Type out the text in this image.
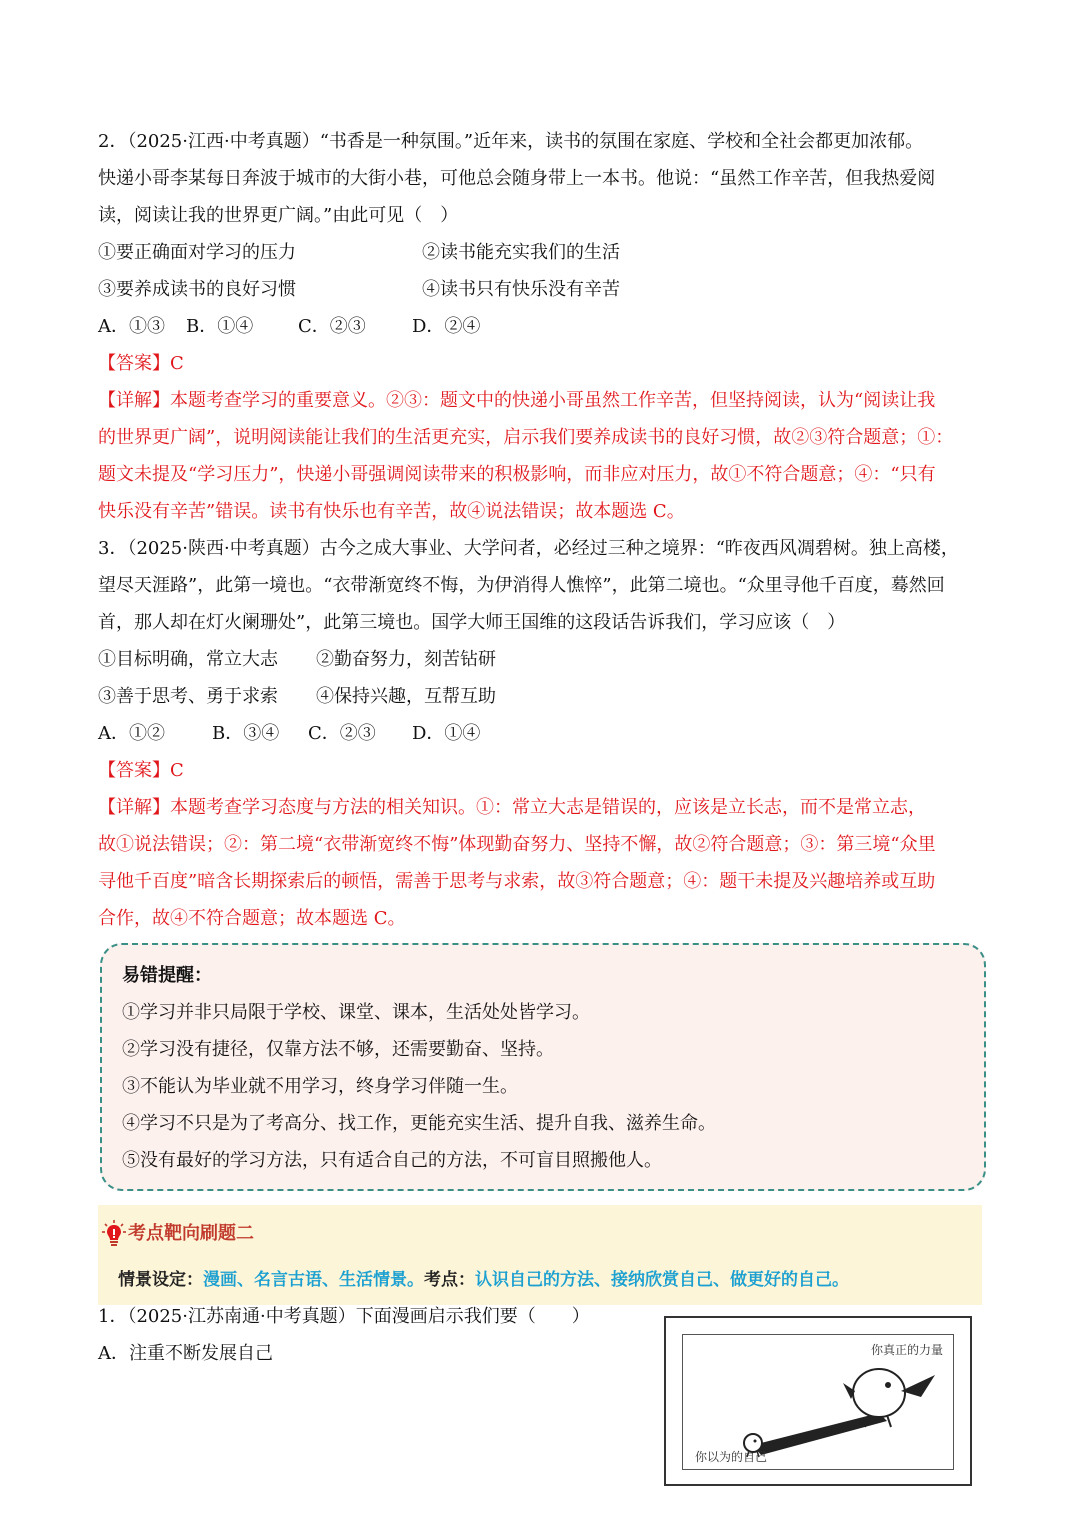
2．（2025·江西·中考真题）“书香是一种氛围。”近年来，读书的氛围在家庭、学校和全社会都更加浓郁。
快递小哥李某每日奔波于城市的大街小巷，可他总会随身带上一本书。他说：“虽然工作辛苦，但我热爱阅
读，阅读让我的世界更广阔。”由此可见（　）
①要正确面对学习的压力	②读书能充实我们的生活
③要养成读书的良好习惯	④读书只有快乐没有辛苦
A．①③ B．①④ C．②③	D．②④
【答案】C
【详解】本题考查学习的重要意义。②③：题文中的快递小哥虽然工作辛苦，但坚持阅读，认为“阅读让我
的世界更广阔”，说明阅读能让我们的生活更充实，启示我们要养成读书的良好习惯，故②③符合题意；①：
题文未提及“学习压力”，快递小哥强调阅读带来的积极影响，而非应对压力，故①不符合题意；④：“只有
快乐没有辛苦”错误。读书有快乐也有辛苦，故④说法错误；故本题选 C。
3．（2025·陕西·中考真题）古今之成大事业、大学问者，必经过三种之境界：“昨夜西风凋碧树。独上高楼，
望尽天涯路”，此第一境也。“衣带渐宽终不悔，为伊消得人憔悴”，此第二境也。“众里寻他千百度，蓦然回
首，那人却在灯火阑珊处”，此第三境也。国学大师王国维的这段话告诉我们，学习应该（　）
①目标明确，常立大志 ②勤奋努力，刻苦钻研
③善于思考、勇于求索 ④保持兴趣，互帮互助
A．①②	B．③④ C．②③ D．①④
【答案】C
【详解】本题考查学习态度与方法的相关知识。①：常立大志是错误的，应该是立长志，而不是常立志，
故①说法错误；②：第二境“衣带渐宽终不悔”体现勤奋努力、坚持不懈，故②符合题意；③：第三境“众里
寻他千百度”暗含长期探索后的顿悟，需善于思考与求索，故③符合题意；④：题干未提及兴趣培养或互助
合作，故④不符合题意；故本题选 C。
易错提醒：
①学习并非只局限于学校、课堂、课本，生活处处皆学习。
②学习没有捷径，仅靠方法不够，还需要勤奋、坚持。
③不能认为毕业就不用学习，终身学习伴随一生。
④学习不只是为了考高分、找工作，更能充实生活、提升自我、滋养生命。
⑤没有最好的学习方法，只有适合自己的方法，不可盲目照搬他人。
考点靶向刷题二
情景设定：漫画、名言古语、生活情景。考点：认识自己的方法、接纳欣赏自己、做更好的自己。
1．（2025·江苏南通·中考真题）下面漫画启示我们要（　　）
A．注重不断发展自己	你真正的力量
你以为的自己
